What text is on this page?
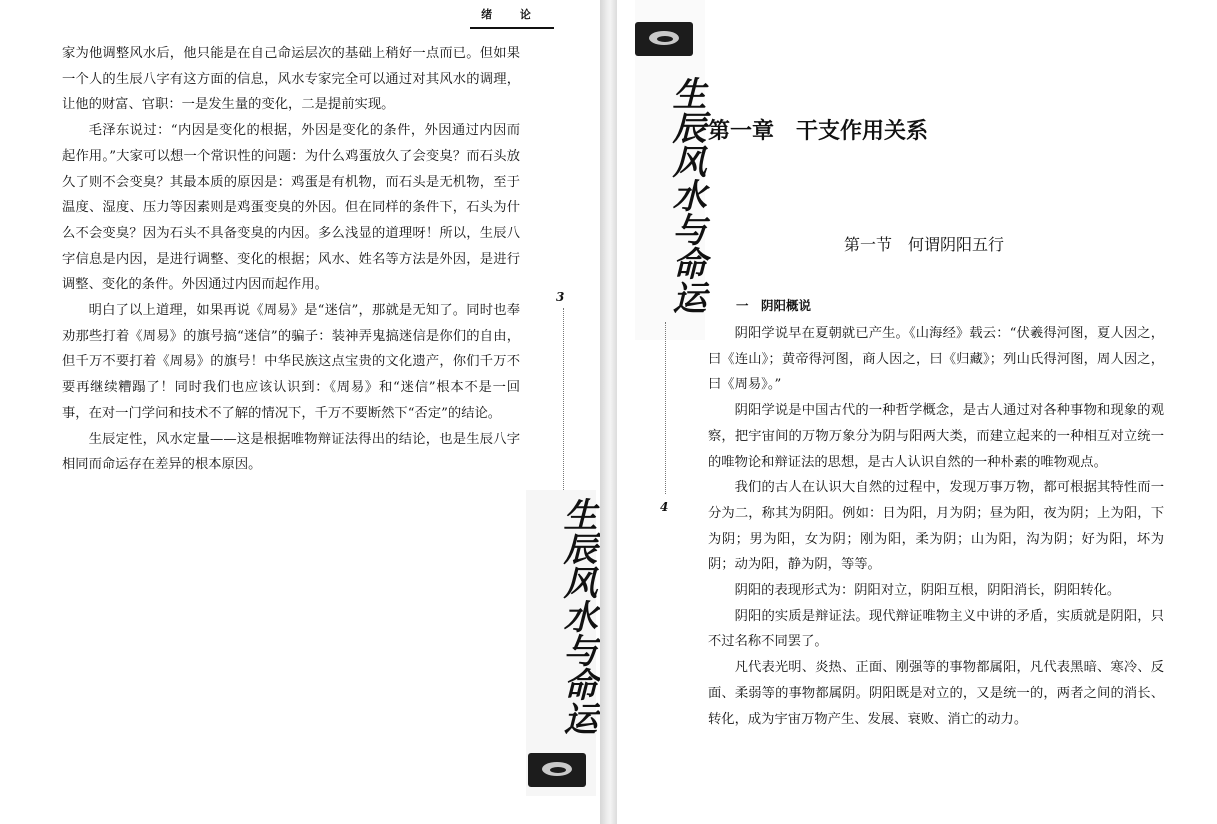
绪 论

家为他调整风水后，他只能是在自己命运层次的基础上稍好一点而已。但如果一个人的生辰八字有这方面的信息，风水专家完全可以通过对其风水的调理，让他的财富、官职：一是发生量的变化，二是提前实现。

毛泽东说过：“内因是变化的根据，外因是变化的条件，外因通过内因而起作用。”大家可以想一个常识性的问题：为什么鸡蛋放久了会变臭？而石头放久了则不会变臭？其最本质的原因是：鸡蛋是有机物，而石头是无机物，至于温度、湿度、压力等因素则是鸡蛋变臭的外因。但在同样的条件下，石头为什么不会变臭？因为石头不具备变臭的内因。多么浅显的道理呀！所以，生辰八字信息是内因，是进行调整、变化的根据；风水、姓名等方法是外因，是进行调整、变化的条件。外因通过内因而起作用。

明白了以上道理，如果再说《周易》是“迷信”，那就是无知了。同时也奉劝那些打着《周易》的旗号搞“迷信”的骗子：装神弄鬼搞迷信是你们的自由，但千万不要打着《周易》的旗号！中华民族这点宝贵的文化遗产，你们千万不要再继续糟蹋了！同时我们也应该认识到：《周易》和“迷信”根本不是一回事，在对一门学问和技术不了解的情况下，千万不要断然下“否定”的结论。

生辰定性，风水定量——这是根据唯物辩证法得出的结论，也是生辰八字相同而命运存在差异的根本原因。

3
生辰风水与命运
生辰风水与命运
4
第一章　干支作用关系
第一节　何谓阴阳五行
一　阴阳概说

阴阳学说早在夏朝就已产生。《山海经》载云：“伏羲得河图，夏人因之，曰《连山》；黄帝得河图，商人因之，曰《归藏》；列山氏得河图，周人因之，曰《周易》。”

阴阳学说是中国古代的一种哲学概念，是古人通过对各种事物和现象的观察，把宇宙间的万物万象分为阴与阳两大类，而建立起来的一种相互对立统一的唯物论和辩证法的思想，是古人认识自然的一种朴素的唯物观点。

我们的古人在认识大自然的过程中，发现万事万物，都可根据其特性而一分为二，称其为阴阳。例如：日为阳，月为阴；昼为阳，夜为阴；上为阳，下为阴；男为阳，女为阴；刚为阳，柔为阴；山为阳，沟为阴；好为阳，坏为阴；动为阳，静为阴，等等。

阴阳的表现形式为：阴阳对立，阴阳互根，阴阳消长，阴阳转化。

阴阳的实质是辩证法。现代辩证唯物主义中讲的矛盾，实质就是阴阳，只不过名称不同罢了。

凡代表光明、炎热、正面、刚强等的事物都属阳，凡代表黑暗、寒冷、反面、柔弱等的事物都属阴。阴阳既是对立的，又是统一的，两者之间的消长、转化，成为宇宙万物产生、发展、衰败、消亡的动力。
